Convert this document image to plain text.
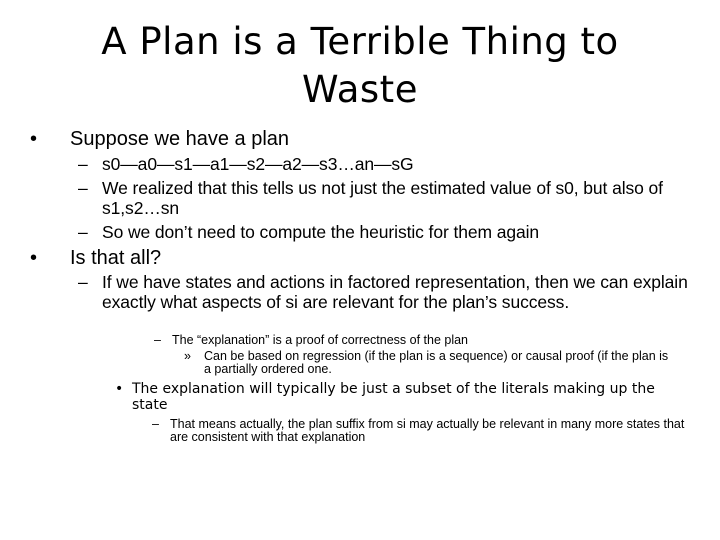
A Plan is a Terrible Thing to Waste
• Suppose we have a plan
– s0—a0—s1—a1—s2—a2—s3…an—sG
– We realized that this tells us not just the estimated value of s0, but also of s1,s2…sn
– So we don’t need to compute the heuristic for them again
• Is that all?
– If we have states and actions in factored representation, then we can explain exactly what aspects of si are relevant for the plan’s success.
– The “explanation” is a proof of correctness of the plan
» Can be based on regression (if the plan is a sequence) or causal proof (if the plan is a partially ordered one.
• The explanation will typically be just a subset of the literals making up the state
– That means actually, the plan suffix from si may actually be relevant in many more states that are consistent with that explanation
